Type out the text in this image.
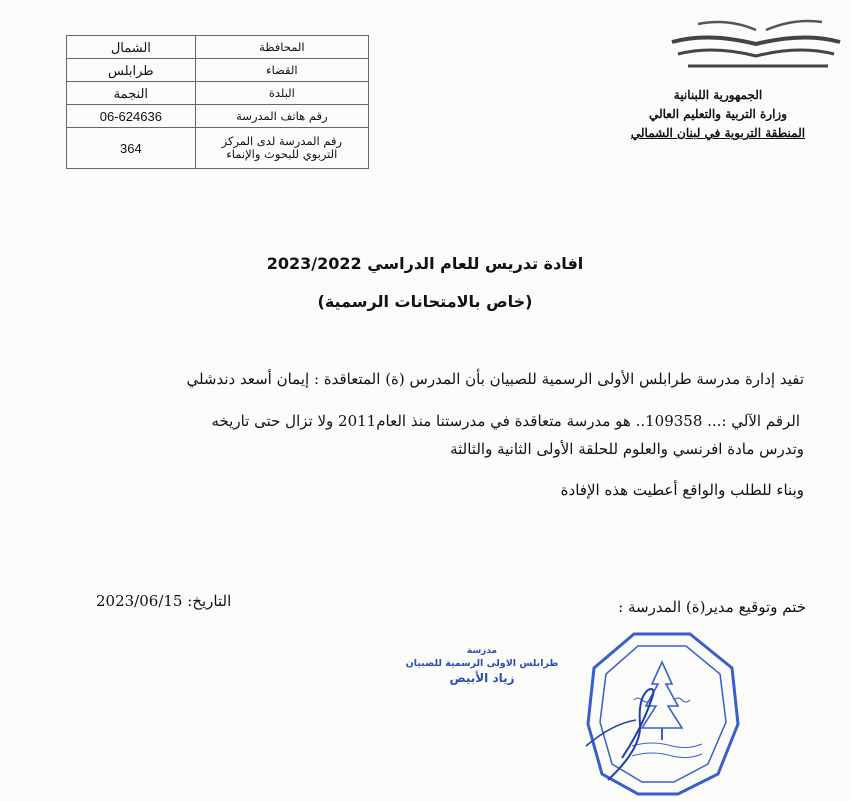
المحافظة	الشمال
القضاء	طرابلس
البلدة	النجمة
رقم هاتف المدرسة	06-624636

رقم المدرسة لدى المركز
التربوي للبحوث والإنماء	364
الجمهورية اللبنانية
وزارة التربية والتعليم العالي
المنطقة التربوية في لبنان الشمالي
افادة تدريس للعام الدراسي 2023/2022
(خاص بالامتحانات الرسمية)
تفيد إدارة مدرسة طرابلس الأولى الرسمية للصبيان بأن المدرس (ة) المتعاقدة : إيمان أسعد دندشلي
الرقم الآلي :... 109358.. هو مدرسة متعاقدة في مدرستنا منذ العام2011 ولا تزال حتى تاريخه
وتدرس مادة افرنسي والعلوم للحلقة الأولى الثانية والثالثة
وبناء للطلب والواقع أعطيت هذه الإفادة
ختم وتوقيع مدير(ة) المدرسة :
التاريخ: 2023/06/15
مدرسة
طرابلس الاولى الرسمية للصبيان
زياد الأبيض
